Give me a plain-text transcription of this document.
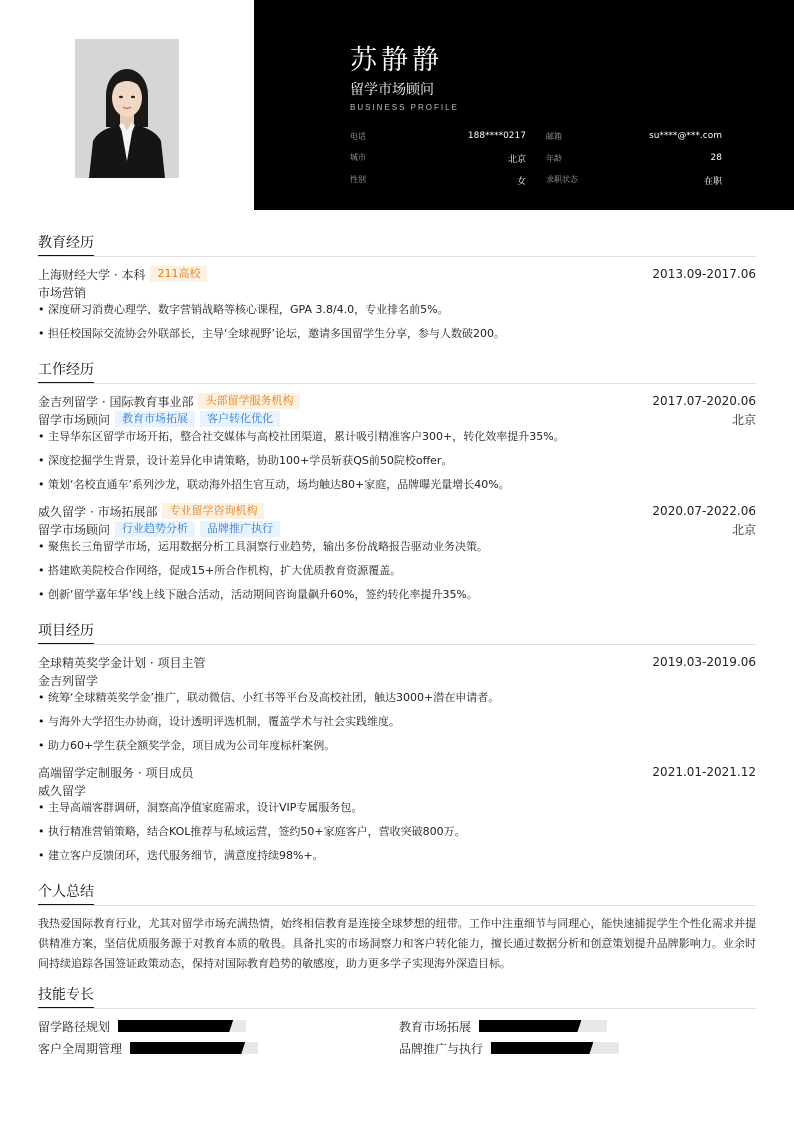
苏静静
留学市场顾问
BUSINESS PROFILE
电话	188****0217	邮箱	su****@***.com
城市	北京	年龄	28
性别	女	求职状态	在职
教育经历
上海财经大学 · 本科	211高校	2013.09-2017.06
市场营销
• 深度研习消费心理学、数字营销战略等核心课程，GPA 3.8/4.0，专业排名前5%。
• 担任校国际交流协会外联部长，主导‘全球视野’论坛，邀请多国留学生分享，参与人数破200。
工作经历
金吉列留学 · 国际教育事业部	头部留学服务机构	2017.07-2020.06
留学市场顾问	教育市场拓展	客户转化优化	北京
• 主导华东区留学市场开拓，整合社交媒体与高校社团渠道，累计吸引精准客户300+，转化效率提升35%。
• 深度挖掘学生背景，设计差异化申请策略，协助100+学员斩获QS前50院校offer。
• 策划‘名校直通车’系列沙龙，联动海外招生官互动，场均触达80+家庭，品牌曝光量增长40%。
威久留学 · 市场拓展部	专业留学咨询机构	2020.07-2022.06
留学市场顾问	行业趋势分析	品牌推广执行	北京
• 聚焦长三角留学市场，运用数据分析工具洞察行业趋势，输出多份战略报告驱动业务决策。
• 搭建欧美院校合作网络，促成15+所合作机构，扩大优质教育资源覆盖。
• 创新‘留学嘉年华’线上线下融合活动，活动期间咨询量飙升60%，签约转化率提升35%。
项目经历
全球精英奖学金计划 · 项目主管	2019.03-2019.06
金吉列留学
• 统筹‘全球精英奖学金’推广，联动微信、小红书等平台及高校社团，触达3000+潜在申请者。
• 与海外大学招生办协商，设计透明评选机制，覆盖学术与社会实践维度。
• 助力60+学生获全额奖学金，项目成为公司年度标杆案例。
高端留学定制服务 · 项目成员	2021.01-2021.12
威久留学
• 主导高端客群调研，洞察高净值家庭需求，设计VIP专属服务包。
• 执行精准营销策略，结合KOL推荐与私域运营，签约50+家庭客户，营收突破800万。
• 建立客户反馈闭环，迭代服务细节，满意度持续98%+。
个人总结

我热爱国际教育行业，尤其对留学市场充满热情，始终相信教育是连接全球梦想的纽带。工作中注重细节与同理心，能快速捕捉学生个性化需求并提供精准方案，坚信优质服务源于对教育本质的敬畏。具备扎实的市场洞察力和客户转化能力，擅长通过数据分析和创意策划提升品牌影响力。业余时间持续追踪各国签证政策动态，保持对国际教育趋势的敏感度，助力更多学子实现海外深造目标。

技能专长
留学路径规划	教育市场拓展
客户全周期管理	品牌推广与执行
